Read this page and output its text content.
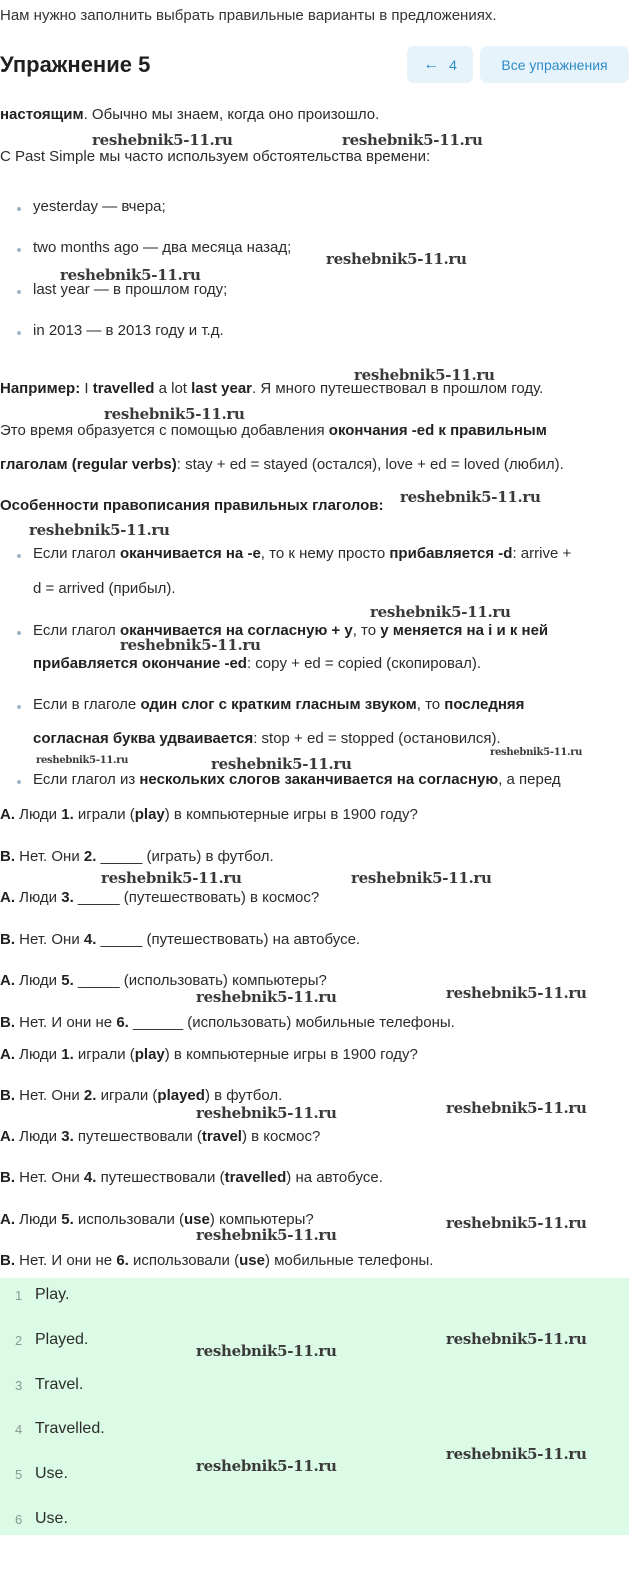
Нам нужно заполнить выбрать правильные варианты в предложениях.
Упражнение 5	← 4	Все упражнения
настоящим. Обычно мы знаем, когда оно произошло.
С Past Simple мы часто используем обстоятельства времени:
yesterday — вчера;
two months ago — два месяца назад;
last year — в прошлом году;
in 2013 — в 2013 году и т.д.
Например: I travelled a lot last year. Я много путешествовал в прошлом году.
Это время образуется с помощью добавления окончания -ed к правильным
глаголам (regular verbs): stay + ed = stayed (остался), love + ed = loved (любил).
Особенности правописания правильных глаголов:
Если глагол оканчивается на -е, то к нему просто прибавляется -d: arrive +
d = arrived (прибыл).
Если глагол оканчивается на согласную + y, то y меняется на i и к ней
прибавляется окончание -ed: copy + ed = copied (скопировал).
Если в глаголе один слог с кратким гласным звуком, то последняя
согласная буква удваивается: stop + ed = stopped (остановился).
Если глагол из нескольких слогов заканчивается на согласную, а перед
A. Люди 1. играли (play) в компьютерные игры в 1900 году?
B. Нет. Они 2. _____ (играть) в футбол.
A. Люди 3. _____ (путешествовать) в космос?
B. Нет. Они 4. _____ (путешествовать) на автобусе.
A. Люди 5. _____ (использовать) компьютеры?
B. Нет. И они не 6. ______ (использовать) мобильные телефоны.
A. Люди 1. играли (play) в компьютерные игры в 1900 году?
B. Нет. Они 2. играли (played) в футбол.
A. Люди 3. путешествовали (travel) в космос?
B. Нет. Они 4. путешествовали (travelled) на автобусе.
A. Люди 5. использовали (use) компьютеры?
B. Нет. И они не 6. использовали (use) мобильные телефоны.
1 Play.
2 Played.
3 Travel.
4 Travelled.
5 Use.
6 Use.
reshebnik5-11.ru	reshebnik5-11.ru
reshebnik5-11.ru
reshebnik5-11.ru
reshebnik5-11.ru
reshebnik5-11.ru
reshebnik5-11.ru
reshebnik5-11.ru
reshebnik5-11.ru
reshebnik5-11.ru
reshebnik5-11.ru
reshebnik5-11.ru	reshebnik5-11.ru
reshebnik5-11.ru	reshebnik5-11.ru
reshebnik5-11.ru	reshebnik5-11.ru
reshebnik5-11.ru	reshebnik5-11.ru
reshebnik5-11.ru
reshebnik5-11.ru
reshebnik5-11.ru
reshebnik5-11.ru
reshebnik5-11.ru
reshebnik5-11.ru
